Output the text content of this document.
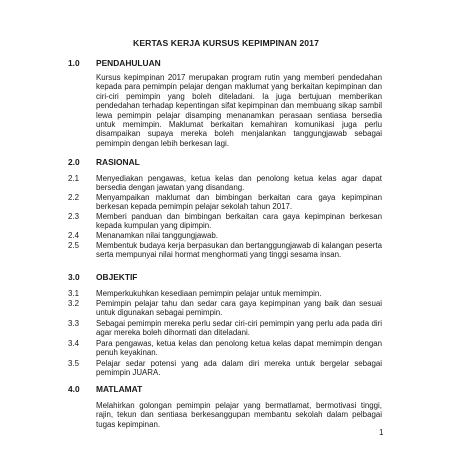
KERTAS KERJA KURSUS KEPIMPINAN 2017
1.0 PENDAHULUAN
Kursus kepimpinan 2017 merupakan program rutin yang memberi pendedahan kepada para pemimpin pelajar dengan maklumat yang berkaitan kepimpinan dan ciri-ciri pemimpin yang boleh diteladani. Ia juga bertujuan memberikan pendedahan terhadap kepentingan sifat kepimpinan dan membuang sikap sambil lewa pemimpin pelajar disamping menanamkan perasaan sentiasa bersedia untuk memimpin. Maklumat berkaitan kemahiran komunikasi juga perlu disampaikan supaya mereka boleh menjalankan tanggungjawab sebagai pemimpin dengan lebih berkesan lagi.
2.0 RASIONAL
2.1 Menyediakan pengawas, ketua kelas dan penolong ketua kelas agar dapat bersedia dengan jawatan yang disandang.
2.2 Menyampaikan maklumat dan bimbingan berkaitan cara gaya kepimpinan berkesan kepada pemimpin pelajar sekolah tahun 2017.
2.3 Memberi panduan dan bimbingan berkaitan cara gaya kepimpinan berkesan kepada kumpulan yang dipimpin.
2.4 Menanamkan nilai tanggungjawab.
2.5 Membentuk budaya kerja berpasukan dan bertanggungjawab di kalangan peserta serta mempunyai nilai hormat menghormati yang tinggi sesama insan.
3.0 OBJEKTIF
3.1 Memperkukuhkan kesediaan pemimpin pelajar untuk memimpin.
3.2 Pemimpin pelajar tahu dan sedar cara gaya kepimpinan yang baik dan sesuai untuk digunakan sebagai pemimpin.
3.3 Sebagai pemimpin mereka perlu sedar ciri-ciri pemimpin yang perlu ada pada diri agar mereka boleh dihormati dan diteladani.
3.4 Para pengawas, ketua kelas dan penolong ketua kelas dapat memimpin dengan penuh keyakinan.
3.5 Pelajar sedar potensi yang ada dalam diri mereka untuk bergelar sebagai pemimpin JUARA.
4.0 MATLAMAT
Melahirkan golongan pemimpin pelajar yang bermatlamat, bermotivasi tinggi, rajin, tekun dan sentiasa berkesanggupan membantu sekolah dalam pelbagai tugas kepimpinan.
1
